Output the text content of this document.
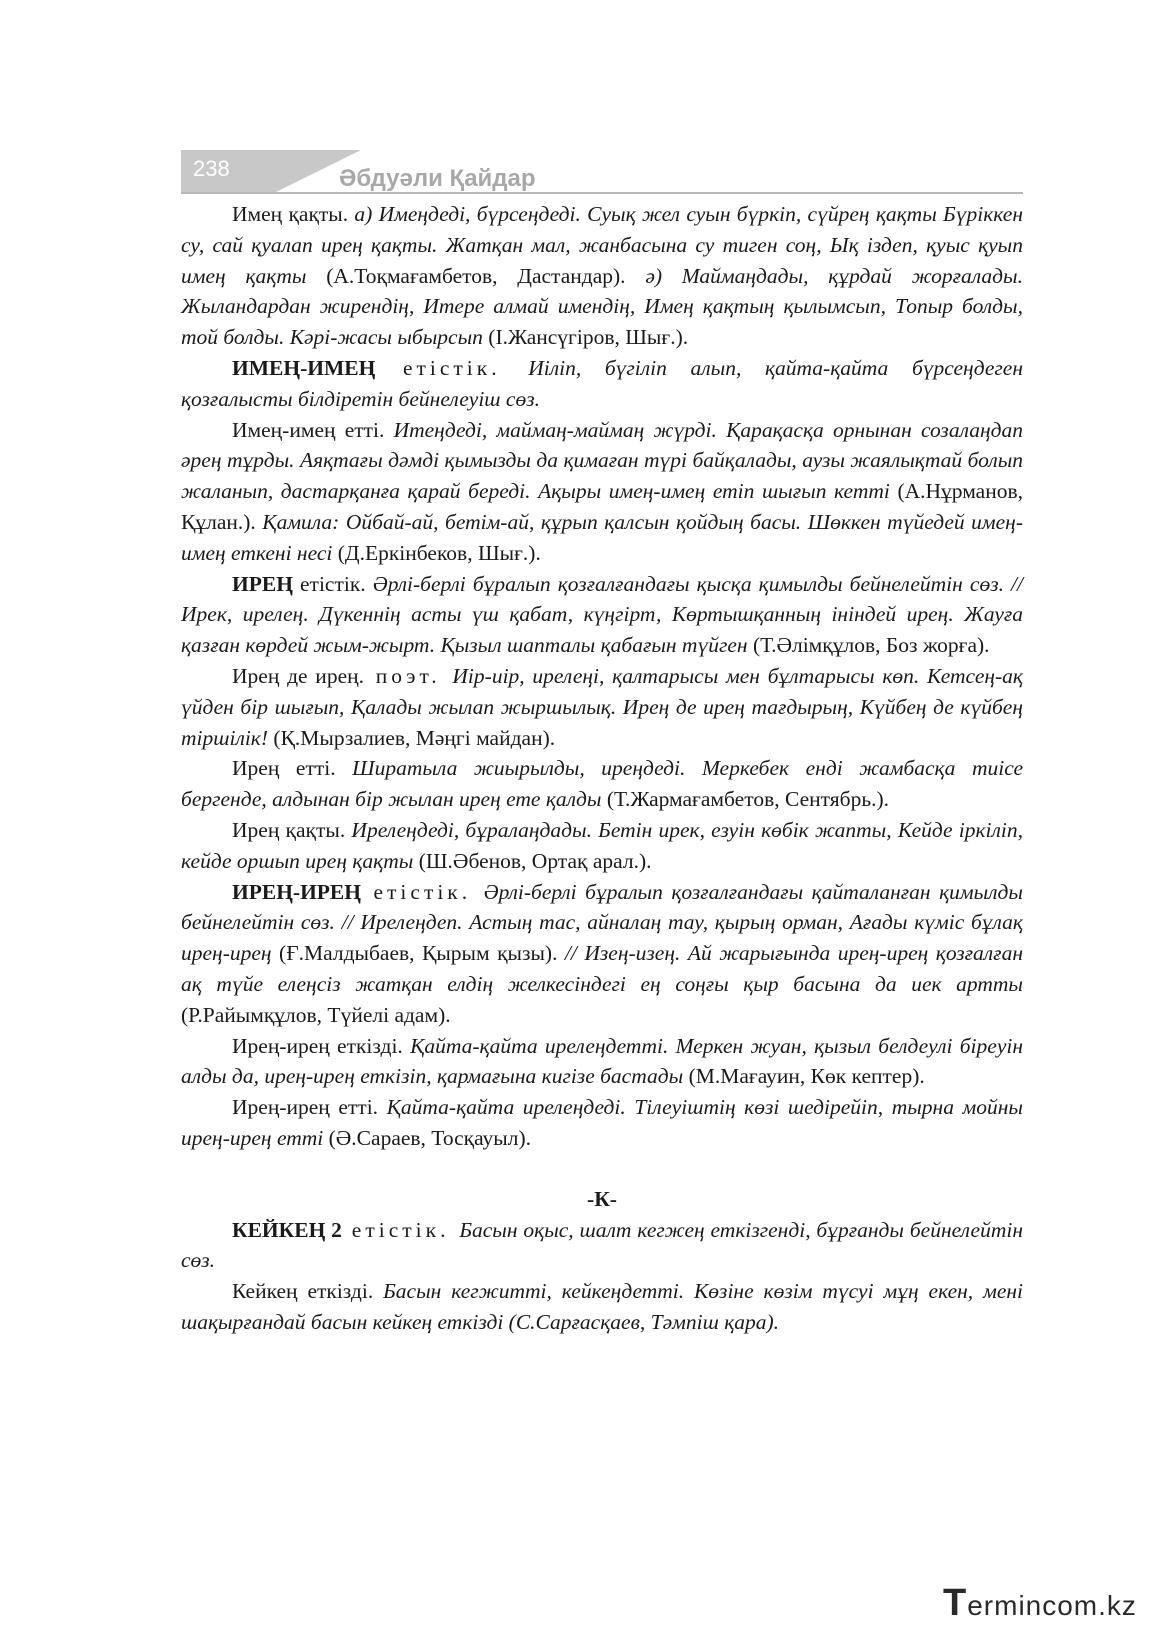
238	Әбдуәли Қайдар

Имең қақты. а) Имеңдеді, бүрсеңдеді. Суық жел суын бүркіп, сүйрең қақты Бүріккен су, сай қуалап ирең қақты. Жатқан мал, жанбасына су тиген соң, Ық іздеп, қуыс қуып имең қақты (А.Тоқмағамбетов, Дастандар). ә) Маймаңдады, құрдай жорғалады. Жыландардан жирендің, Итере алмай имендің, Имең қақтың қылымсып, Топыр болды, той болды. Кәрі-жасы ыбырсып (І.Жансүгіров, Шығ.).

ИМЕҢ-ИМЕҢ етістік. Иіліп, бүгіліп алып, қайта-қайта бүрсеңдеген қозғалысты білдіретін бейнелеуіш сөз.

Имең-имең етті. Итеңдеді, маймаң-маймаң жүрді. Қарақасқа орнынан созалаңдап әрең тұрды. Аяқтағы дәмді қымызды да қимаған түрі байқалады, аузы жаялықтай болып жаланып, дастарқанға қарай береді. Ақыры имең-имең етіп шығып кетті (А.Нұрманов, Құлан.). Қамила: Ойбай-ай, бетім-ай, құрып қалсын қойдың басы. Шөккен түйедей имең-имең еткені несі (Д.Еркінбеков, Шығ.).

ИРЕҢ етістік. Әрлі-берлі бұралып қозғалғандағы қысқа қимылды бейнелейтін сөз. // Ирек, ирелең. Дүкеннің асты үш қабат, күңгірт, Көртышқанның ініндей ирең. Жауға қазған көрдей жым-жырт. Қызыл шапталы қабағын түйген (Т.Әлімқұлов, Боз жорға).

Ирең де ирең. поэт. Иір-иір, ирелеңі, қалтарысы мен бұлтарысы көп. Кетсең-ақ үйден бір шығып, Қалады жылап жыршылық. Ирең де ирең тағдырың, Күйбең де күйбең тіршілік! (Қ.Мырзалиев, Мәңгі майдан).

Ирең етті. Ширатыла жиырылды, иреңдеді. Меркебек енді жамбасқа тиісе бергенде, алдынан бір жылан ирең ете қалды (Т.Жармағамбетов, Сентябрь.).

Ирең қақты. Ирелеңдеді, бұралаңдады. Бетін ирек, езуін көбік жапты, Кейде іркіліп, кейде оршып ирең қақты (Ш.Әбенов, Ортақ арал.).

ИРЕҢ-ИРЕҢ етістік. Әрлі-берлі бұралып қозғалғандағы қайталанған қимылды бейнелейтін сөз. // Ирелеңдеп. Астың тас, айналаң тау, қырың орман, Ағады күміс бұлақ ирең-ирең (Ғ.Малдыбаев, Қырым қызы). // Изең-изең. Ай жарығында ирең-ирең қозғалған ақ түйе елеңсіз жатқан елдің желкесіндегі ең соңғы қыр басына да иек артты (Р.Райымқұлов, Түйелі адам).

Ирең-ирең еткізді. Қайта-қайта ирелеңдетті. Меркен жуан, қызыл белдеулі біреуін алды да, ирең-ирең еткізіп, қармағына кигізе бастады (М.Мағауин, Көк кептер).

Ирең-ирең етті. Қайта-қайта ирелеңдеді. Тілеуіштің көзі шедірейіп, тырна мойны ирең-ирең етті (Ә.Сараев, Тосқауыл).

-К-

КЕЙКЕҢ 2 етістік. Басын оқыс, шалт кегжең еткізгенді, бұрғанды бейнелейтін сөз.

Кейкең еткізді. Басын кегжитті, кейкеңдетті. Көзіне көзім түсуі мұң екен, мені шақырғандай басын кейкең еткізді (С.Сарғасқаев, Тәмпіш қара).

Termincom.kz
